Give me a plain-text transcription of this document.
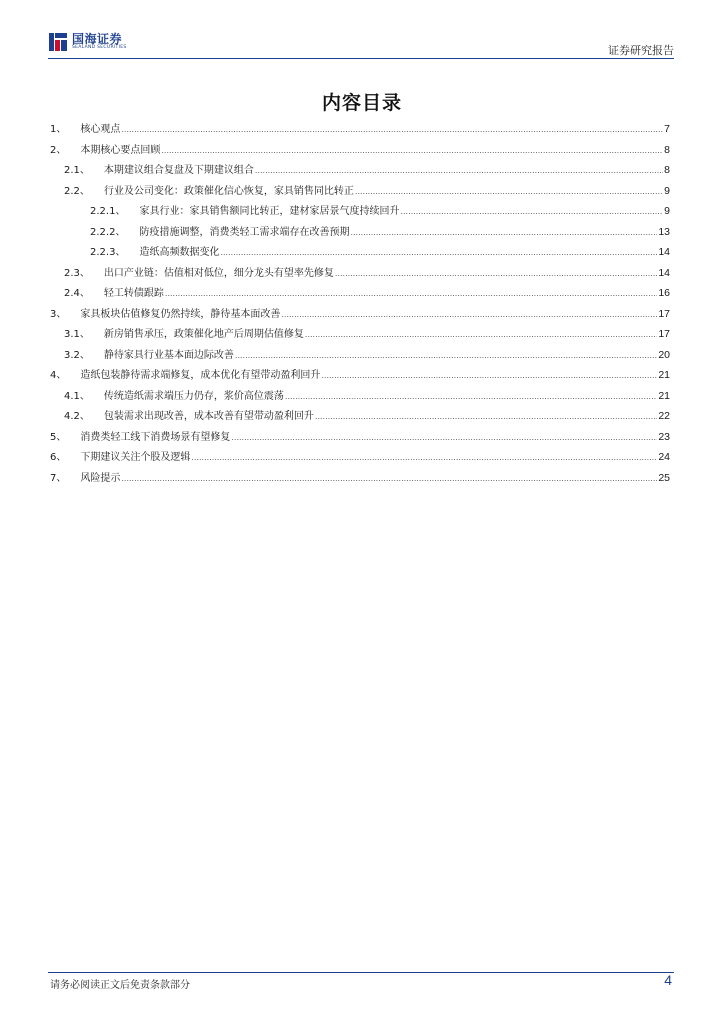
国海证券
SEALAND SECURITIES	证券研究报告
内容目录
1、 核心观点 .....	7
2、 本期核心要点回顾 .....	8
2.1、 本期建议组合复盘及下期建议组合 .....	8
2.2、 行业及公司变化：政策催化信心恢复，家具销售同比转正 .....	9
2.2.1、 家具行业：家具销售额同比转正，建材家居景气度持续回升 .....	9
2.2.2、 防疫措施调整，消费类轻工需求端存在改善预期 .....	13
2.2.3、 造纸高频数据变化 .....	14
2.3、 出口产业链：估值相对低位，细分龙头有望率先修复 .....	14
2.4、 轻工转债跟踪 .....	16
3、 家具板块估值修复仍然持续，静待基本面改善 .....	17
3.1、 新房销售承压，政策催化地产后周期估值修复 .....	17
3.2、 静待家具行业基本面边际改善 .....	20
4、 造纸包装静待需求端修复，成本优化有望带动盈利回升 .....	21
4.1、 传统造纸需求端压力仍存，浆价高位震荡 .....	21
4.2、 包装需求出现改善，成本改善有望带动盈利回升 .....	22
5、 消费类轻工线下消费场景有望修复 .....	23
6、 下期建议关注个股及逻辑 .....	24
7、 风险提示 .....	25
请务必阅读正文后免责条款部分	4
